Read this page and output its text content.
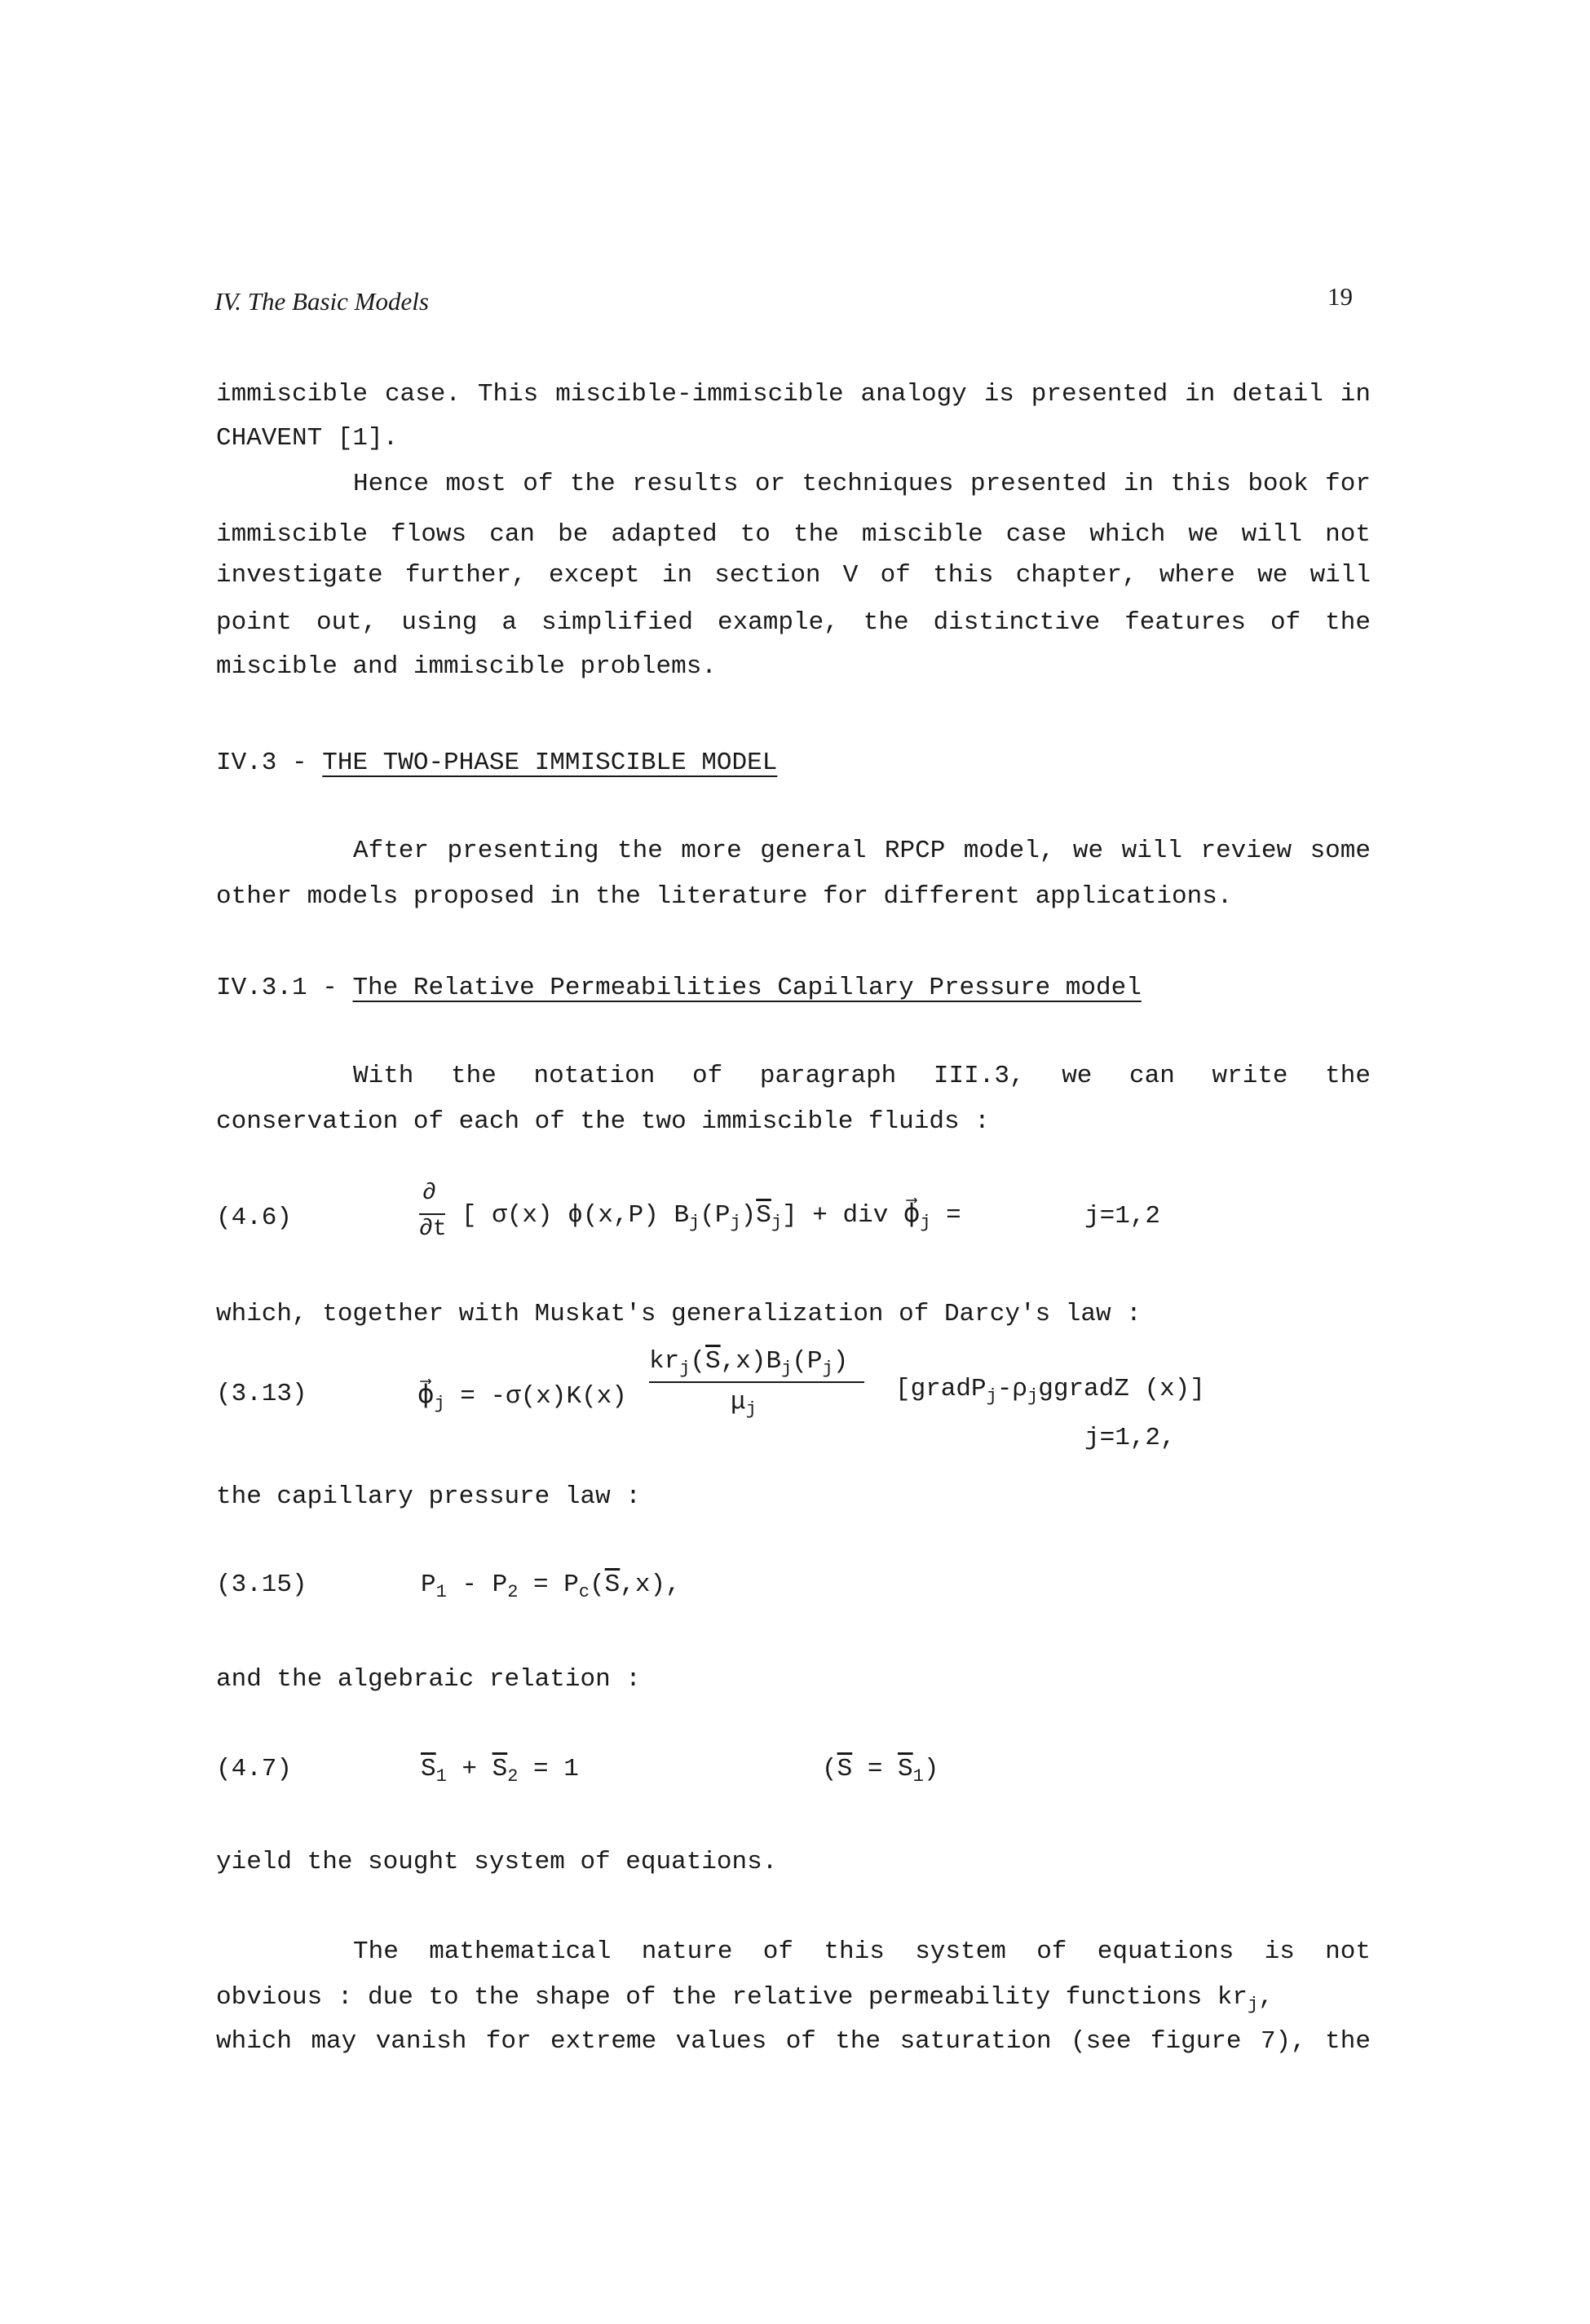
IV. The Basic Models	19
immiscible case. This miscible-immiscible analogy is presented in detail in
CHAVENT [1].
Hence most of the results or techniques presented in this book for
immiscible flows can be adapted to the miscible case which we will not
investigate further, except in section V of this chapter, where we will
point out, using a simplified example, the distinctive features of the
miscible and immiscible problems.
IV.3 - THE TWO-PHASE IMMISCIBLE MODEL
After presenting the more general RPCP model, we will review some
other models proposed in the literature for different applications.
IV.3.1 - The Relative Permeabilities Capillary Pressure model
With the notation of paragraph III.3, we can write the
conservation of each of the two immiscible fluids :
(4.6)
∂
∂t [ σ(x) ϕ(x,P) $B_j(P_j)\overline{S}_j$] + div $\phi⃗_j$ =	j=1,2
which, together with Muskat's generalization of Darcy's law :
(3.13)	$\phi⃗_j = -\sigma(x)K(x)$
$kr_j(\overline{S},x)B_j(P_j)$
$\mu_j$
[$gradP_j-\rho_jggradZ$ (x)]
j=1,2,
the capillary pressure law :
(3.15)	$P_1 - P_2 = P_c(\overline{S},x)$,
and the algebraic relation :
(4.7)	$\overline{S}_1 + \overline{S}_2 = 1$	$(\overline{S} = \overline{S}_1)$
yield the sought system of equations.
The mathematical nature of this system of equations is not
obvious : due to the shape of the relative permeability functions $kr_j$,
which may vanish for extreme values of the saturation (see figure 7), the
